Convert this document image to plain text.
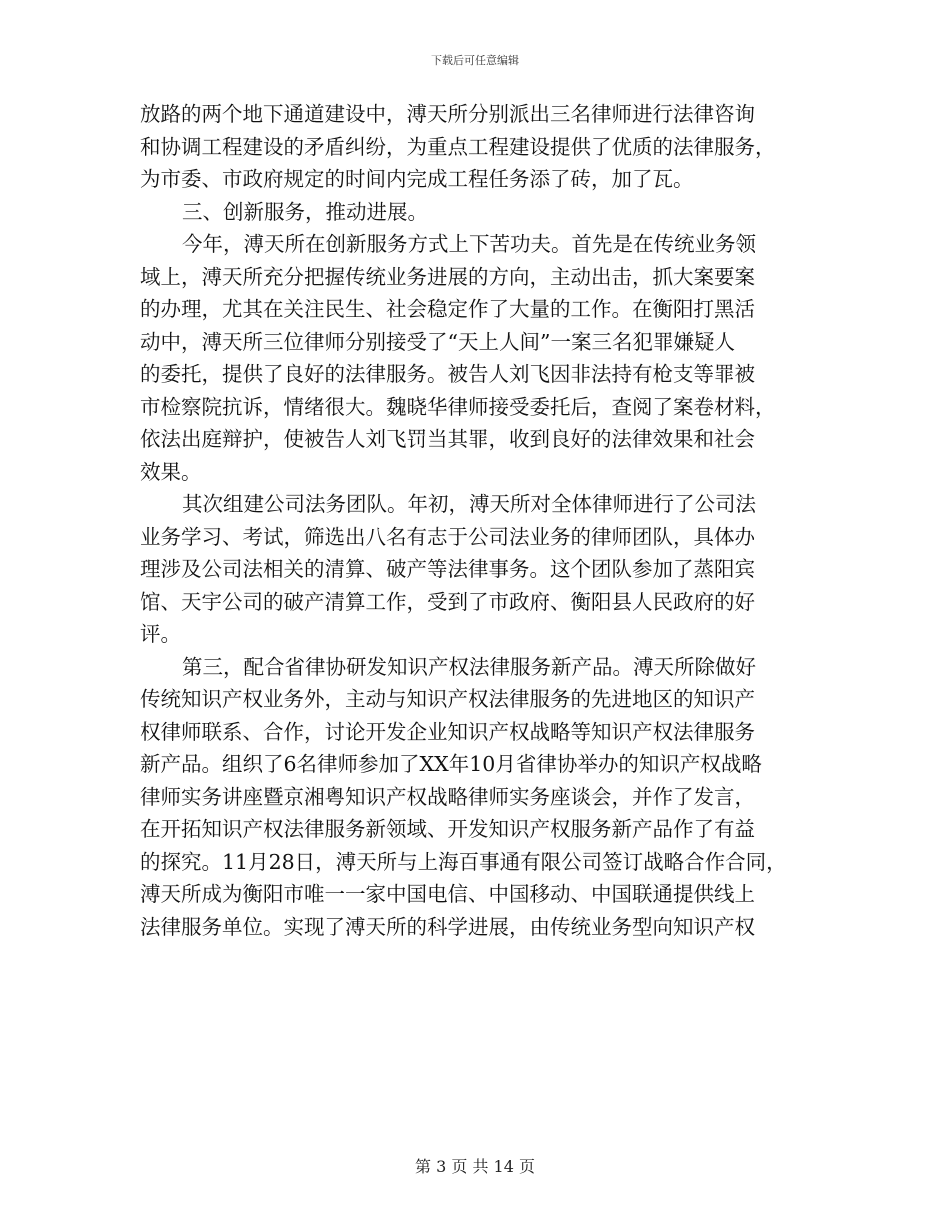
下载后可任意编辑
放路的两个地下通道建设中，溥天所分别派出三名律师进行法律咨询
和协调工程建设的矛盾纠纷，为重点工程建设提供了优质的法律服务，
为市委、市政府规定的时间内完成工程任务添了砖，加了瓦。
三、创新服务，推动进展。
今年，溥天所在创新服务方式上下苦功夫。首先是在传统业务领
域上，溥天所充分把握传统业务进展的方向，主动出击，抓大案要案
的办理，尤其在关注民生、社会稳定作了大量的工作。在衡阳打黑活
动中，溥天所三位律师分别接受了“天上人间”一案三名犯罪嫌疑人
的委托，提供了良好的法律服务。被告人刘飞因非法持有枪支等罪被
市检察院抗诉，情绪很大。魏晓华律师接受委托后，查阅了案卷材料，
依法出庭辩护，使被告人刘飞罚当其罪，收到良好的法律效果和社会
效果。
其次组建公司法务团队。年初，溥天所对全体律师进行了公司法
业务学习、考试，筛选出八名有志于公司法业务的律师团队，具体办
理涉及公司法相关的清算、破产等法律事务。这个团队参加了蒸阳宾
馆、天宇公司的破产清算工作，受到了市政府、衡阳县人民政府的好
评。
第三，配合省律协研发知识产权法律服务新产品。溥天所除做好
传统知识产权业务外，主动与知识产权法律服务的先进地区的知识产
权律师联系、合作，讨论开发企业知识产权战略等知识产权法律服务
新产品。组织了6名律师参加了XX年10月省律协举办的知识产权战略
律师实务讲座暨京湘粤知识产权战略律师实务座谈会，并作了发言，
在开拓知识产权法律服务新领域、开发知识产权服务新产品作了有益
的探究。11月28日，溥天所与上海百事通有限公司签订战略合作合同，
溥天所成为衡阳市唯一一家中国电信、中国移动、中国联通提供线上
法律服务单位。实现了溥天所的科学进展，由传统业务型向知识产权
第 3 页 共 14 页
